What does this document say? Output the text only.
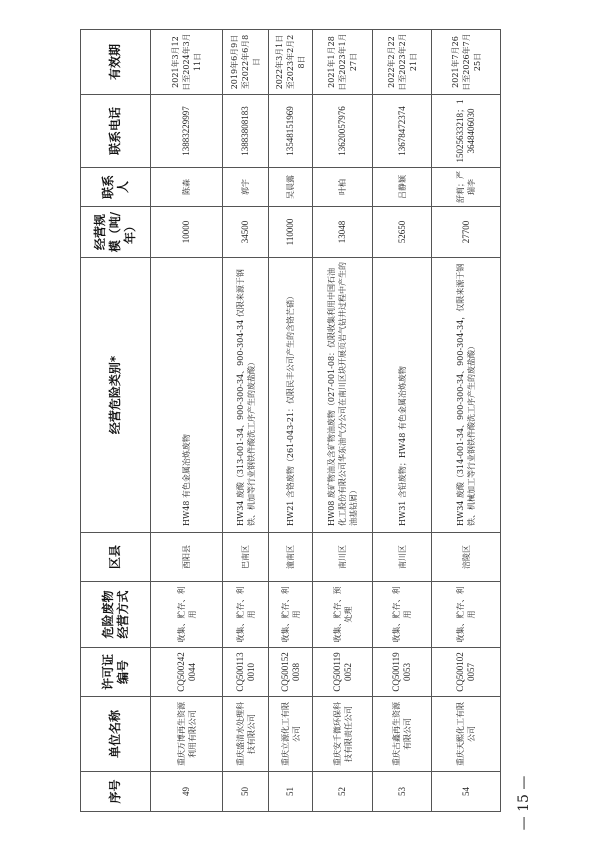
序号	单位名称	许可证编号	危险废物经营方式	区县	经营危险类别*	经营规模（吨/年）	联系人	联系电话	有效期
49	重庆万博再生资源利用有限公司	CQ5002420044	收集、贮存、利用	酉阳县	HW48 有色金属冶炼废物	10000	陈森	13883229997	2021年3月12日至2024年3月11日
50	重庆盛清水处理科技有限公司	CQ5001130010	收集、贮存、利用	巴南区	HW34 废酸（313-001-34、900-300-34、900-304-34 仅限来源于钢铁、机加等行业钢铁件酸洗工序产生的废盐酸）	34500	郭宇	13883808183	2019年6月9日至2022年6月8日
51	重庆立源化工有限公司	CQ5001520038	收集、贮存、利用	潼南区	HW21 含铬废物（261-043-21：仅限民丰公司产生的含铬芒硝）	110000	吴晨露	13548151969	2022年3月1日至2023年2月28日
52	重庆安千微环保科技有限责任公司	CQ5001190052	收集、贮存、预处理	南川区	HW08 废矿物油及含矿物油废物（027-001-08：仅限收集利用中国石油化工股份有限公司华东油气分公司在南川区块开展页岩气钻井过程中产生的油基钻屑）	13048	叶柏	13620057976	2021年1月28日至2023年1月27日
53	重庆古鑫再生资源有限公司	CQ5001190053	收集、贮存、利用	南川区	HW31 含铅废物；HW48 有色金属冶炼废物	52650	吕静颖	13678472374	2022年2月22日至2023年2月21日
54	重庆天熙化工有限公司	CQ5001020057	收集、贮存、利用	涪陵区	HW34 废酸（314-001-34、900-300-34、900-304-34，仅限来源于钢铁、机械加工等行业钢铁件酸洗工序产生的废盐酸）	27700	舒莉；严瑞李	15025633218；13648406030	2021年7月26日至2026年7月25日
— 15 —
